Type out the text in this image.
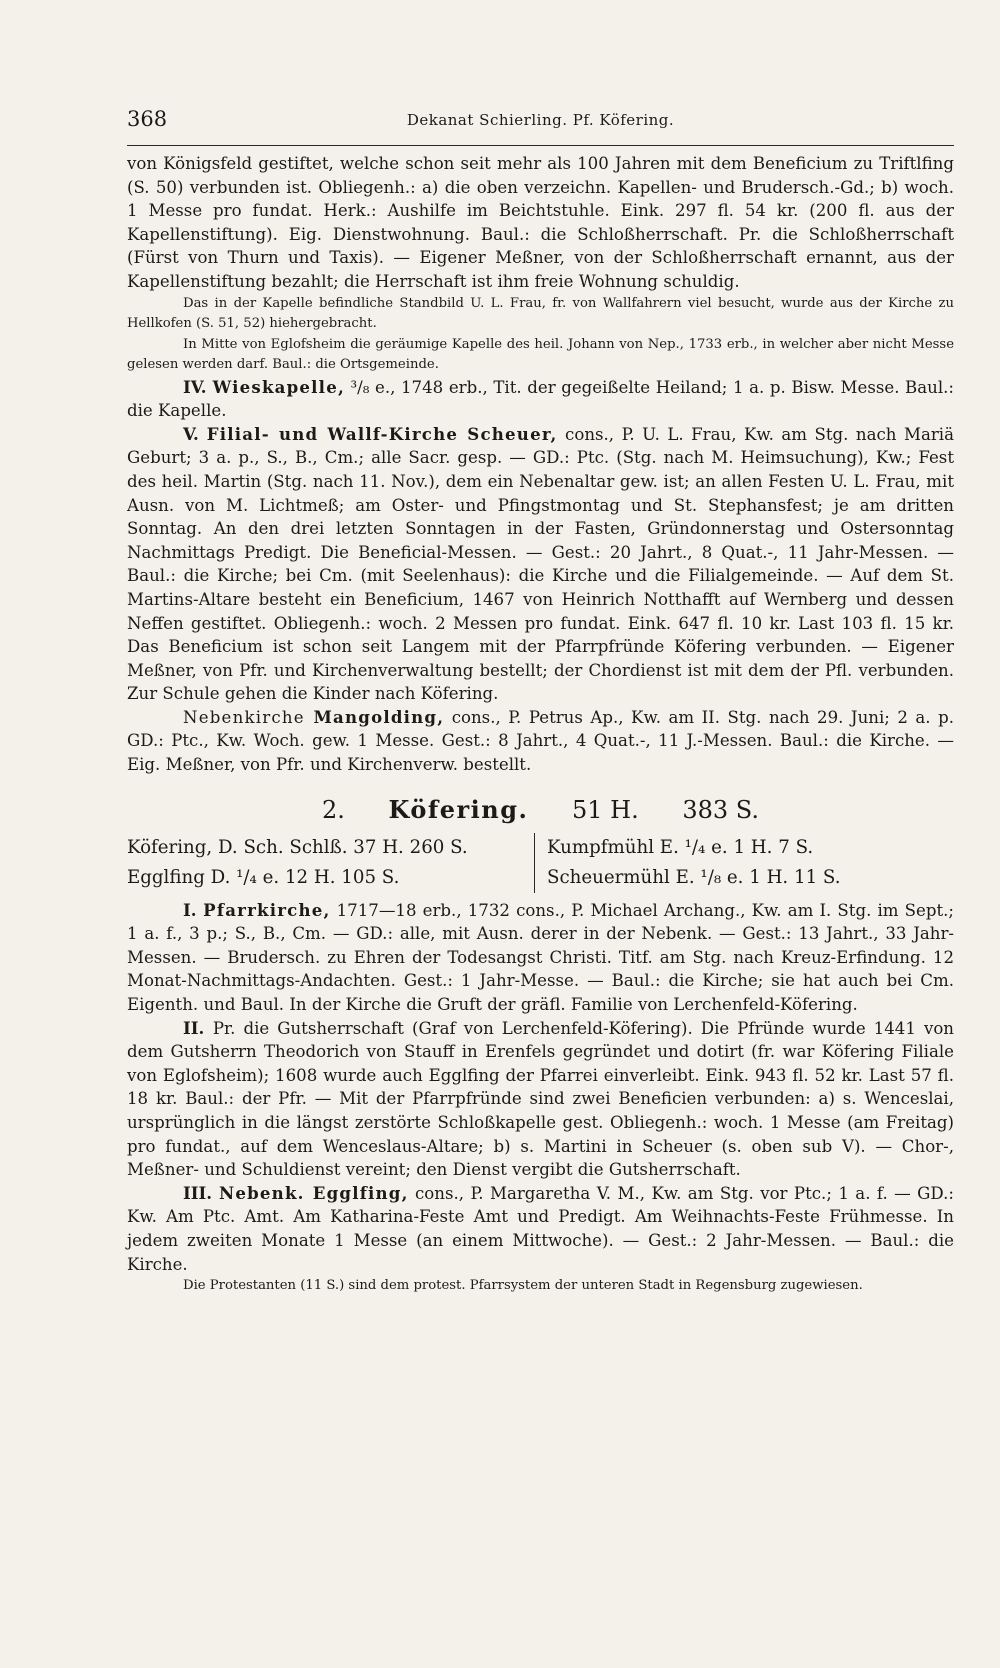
368	Dekanat Schierling. Pf. Köfering.

von Königsfeld gestiftet, welche schon seit mehr als 100 Jahren mit dem Beneficium zu Triftlfing (S. 50) verbunden ist. Obliegenh.: a) die oben verzeichn. Kapellen- und Brudersch.-Gd.; b) woch. 1 Messe pro fundat. Herk.: Aushilfe im Beichtstuhle. Eink. 297 fl. 54 kr. (200 fl. aus der Kapellenstiftung). Eig. Dienstwohnung. Baul.: die Schloßherrschaft. Pr. die Schloßherrschaft (Fürst von Thurn und Taxis). — Eigener Meßner, von der Schloßherrschaft ernannt, aus der Kapellenstiftung bezahlt; die Herrschaft ist ihm freie Wohnung schuldig.

Das in der Kapelle befindliche Standbild U. L. Frau, fr. von Wallfahrern viel besucht, wurde aus der Kirche zu Hellkofen (S. 51, 52) hiehergebracht.

In Mitte von Eglofsheim die geräumige Kapelle des heil. Johann von Nep., 1733 erb., in welcher aber nicht Messe gelesen werden darf. Baul.: die Ortsgemeinde.

IV. Wieskapelle, ³/₈ e., 1748 erb., Tit. der gegeißelte Heiland; 1 a. p. Bisw. Messe. Baul.: die Kapelle.

V. Filial- und Wallf-Kirche Scheuer, cons., P. U. L. Frau, Kw. am Stg. nach Mariä Geburt; 3 a. p., S., B., Cm.; alle Sacr. gesp. — GD.: Ptc. (Stg. nach M. Heimsuchung), Kw.; Fest des heil. Martin (Stg. nach 11. Nov.), dem ein Nebenaltar gew. ist; an allen Festen U. L. Frau, mit Ausn. von M. Lichtmeß; am Oster- und Pfingstmontag und St. Stephansfest; je am dritten Sonntag. An den drei letzten Sonntagen in der Fasten, Gründonnerstag und Ostersonntag Nachmittags Predigt. Die Beneficial-Messen. — Gest.: 20 Jahrt., 8 Quat.-, 11 Jahr-Messen. — Baul.: die Kirche; bei Cm. (mit Seelenhaus): die Kirche und die Filialgemeinde. — Auf dem St. Martins-Altare besteht ein Beneficium, 1467 von Heinrich Notthafft auf Wernberg und dessen Neffen gestiftet. Obliegenh.: woch. 2 Messen pro fundat. Eink. 647 fl. 10 kr. Last 103 fl. 15 kr. Das Beneficium ist schon seit Langem mit der Pfarrpfründe Köfering verbunden. — Eigener Meßner, von Pfr. und Kirchenverwaltung bestellt; der Chordienst ist mit dem der Pfl. verbunden. Zur Schule gehen die Kinder nach Köfering.

Nebenkirche Mangolding, cons., P. Petrus Ap., Kw. am II. Stg. nach 29. Juni; 2 a. p. GD.: Ptc., Kw. Woch. gew. 1 Messe. Gest.: 8 Jahrt., 4 Quat.-, 11 J.-Messen. Baul.: die Kirche. — Eig. Meßner, von Pfr. und Kirchenverw. bestellt.

2. Köfering. 51 H. 383 S.
Köfering, D. Sch. Schlß. 37 H. 260 S.
Egglfing D. ¹/₄ e. 12 H. 105 S.
Kumpfmühl E. ¹/₄ e. 1 H. 7 S.
Scheuermühl E. ¹/₈ e. 1 H. 11 S.

I. Pfarrkirche, 1717—18 erb., 1732 cons., P. Michael Archang., Kw. am I. Stg. im Sept.; 1 a. f., 3 p.; S., B., Cm. — GD.: alle, mit Ausn. derer in der Nebenk. — Gest.: 13 Jahrt., 33 Jahr-Messen. — Brudersch. zu Ehren der Todesangst Christi. Titf. am Stg. nach Kreuz-Erfindung. 12 Monat-Nachmittags-Andachten. Gest.: 1 Jahr-Messe. — Baul.: die Kirche; sie hat auch bei Cm. Eigenth. und Baul. In der Kirche die Gruft der gräfl. Familie von Lerchenfeld-Köfering.

II. Pr. die Gutsherrschaft (Graf von Lerchenfeld-Köfering). Die Pfründe wurde 1441 von dem Gutsherrn Theodorich von Stauff in Erenfels gegründet und dotirt (fr. war Köfering Filiale von Eglofsheim); 1608 wurde auch Egglfing der Pfarrei einverleibt. Eink. 943 fl. 52 kr. Last 57 fl. 18 kr. Baul.: der Pfr. — Mit der Pfarrpfründe sind zwei Beneficien verbunden: a) s. Wenceslai, ursprünglich in die längst zerstörte Schloßkapelle gest. Obliegenh.: woch. 1 Messe (am Freitag) pro fundat., auf dem Wenceslaus-Altare; b) s. Martini in Scheuer (s. oben sub V). — Chor-, Meßner- und Schuldienst vereint; den Dienst vergibt die Gutsherrschaft.

III. Nebenk. Egglfing, cons., P. Margaretha V. M., Kw. am Stg. vor Ptc.; 1 a. f. — GD.: Kw. Am Ptc. Amt. Am Katharina-Feste Amt und Predigt. Am Weihnachts-Feste Frühmesse. In jedem zweiten Monate 1 Messe (an einem Mittwoche). — Gest.: 2 Jahr-Messen. — Baul.: die Kirche.

Die Protestanten (11 S.) sind dem protest. Pfarrsystem der unteren Stadt in Regensburg zugewiesen.
